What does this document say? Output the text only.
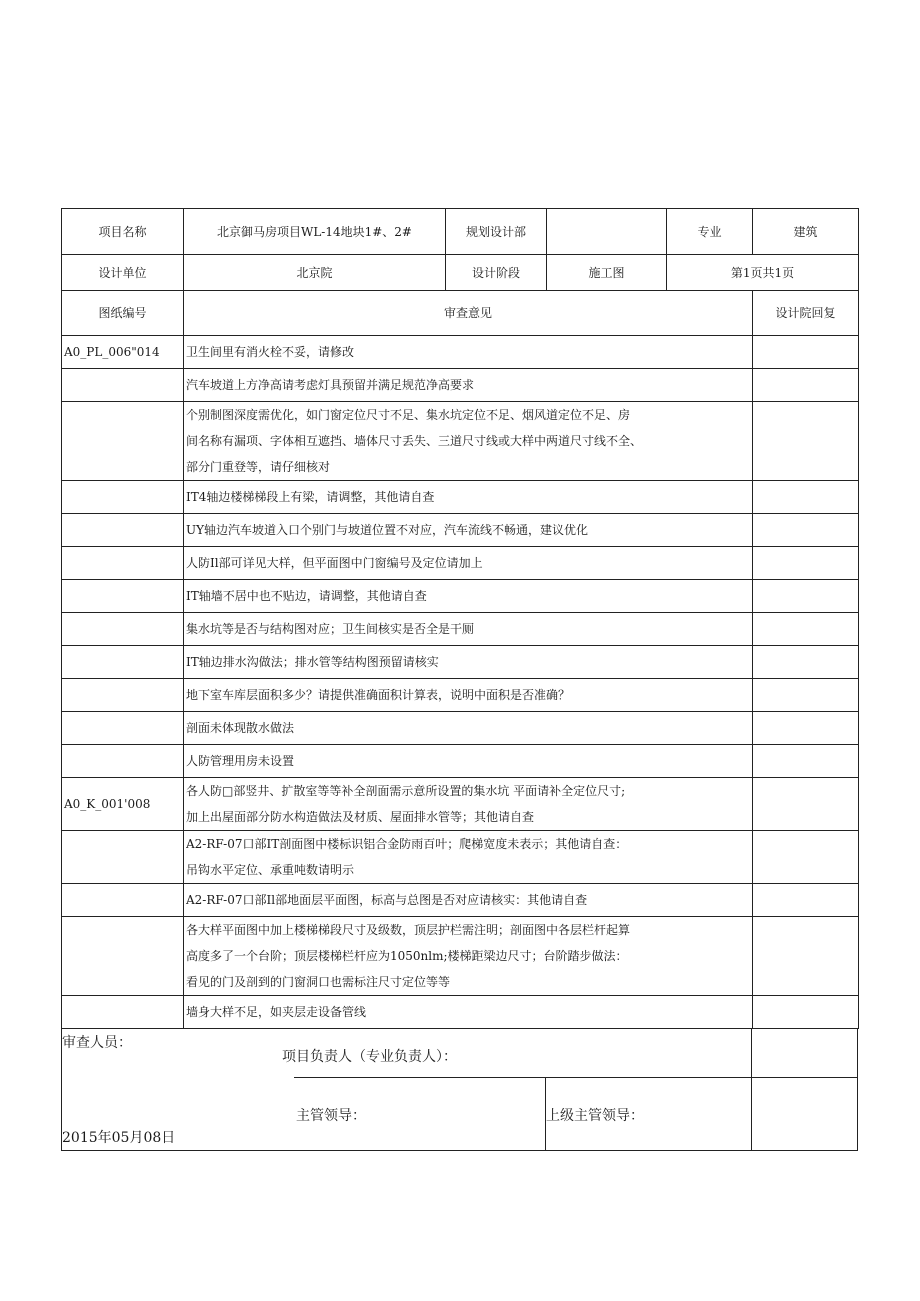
项目名称	北京御马房项目WL-14地块1#、2#	规划设计部		专业	建筑
设计单位	北京院	设计阶段	施工图	第1页共1页	
图纸编号	审查意见				设计院回复
A0_PL_006"014	卫生间里有消火栓不妥，请修改				

	汽车坡道上方净高请考虑灯具预留并满足规范净高要求				

	个别制图深度需优化，如门窗定位尺寸不足、集水坑定位不足、烟风道定位不足、房
间名称有漏项、字体相互遮挡、墙体尺寸丢失、三道尺寸线或大样中两道尺寸线不全、
部分门重登等，请仔细核对				

	IT4轴边楼梯梯段上有梁，请调整，其他请自查				

	UY轴边汽车坡道入口个别门与坡道位置不对应，汽车流线不畅通，建议优化				

	人防Il部可详见大样，但平面图中门窗编号及定位请加上				

	IT轴墙不居中也不贴边，请调整，其他请自查				

	集水坑等是否与结构图对应；卫生间核实是否全是干厕				

	IT轴边排水沟做法；排水管等结构图预留请核实				

	地下室车库层面积多少？请提供准确面积计算表，说明中面积是否准确？				

	剖面未体现散水做法				

	人防管理用房未设置				

A0_K_001'008	各人防□部竖井、扩散室等等补全剖面需示意所设置的集水坑 平面请补全定位尺寸;
加上出屋面部分防水构造做法及材质、屋面排水管等；其他请自查				

	A2-RF-07口部IT剖面图中楼标识铝合金防雨百叶；爬梯宽度未表示；其他请自查：
吊钩水平定位、承重吨数请明示				

	A2-RF-07口部Il部地面层平面图，标高与总图是否对应请核实：其他请自查				

	各大样平面图中加上楼梯梯段尺寸及级数，顶层护栏需注明；剖面图中各层栏杆起算
高度多了一个台阶；顶层楼梯栏杆应为1050nlm;楼梯距梁边尺寸；台阶踏步做法：
看见的门及剖到的门窗洞口也需标注尺寸定位等等				

	墙身大样不足，如夹层走设备管线				

审查人员：
项目负责人（专业负责人）：
主管领导：	上级主管领导：
2015年05月08日
